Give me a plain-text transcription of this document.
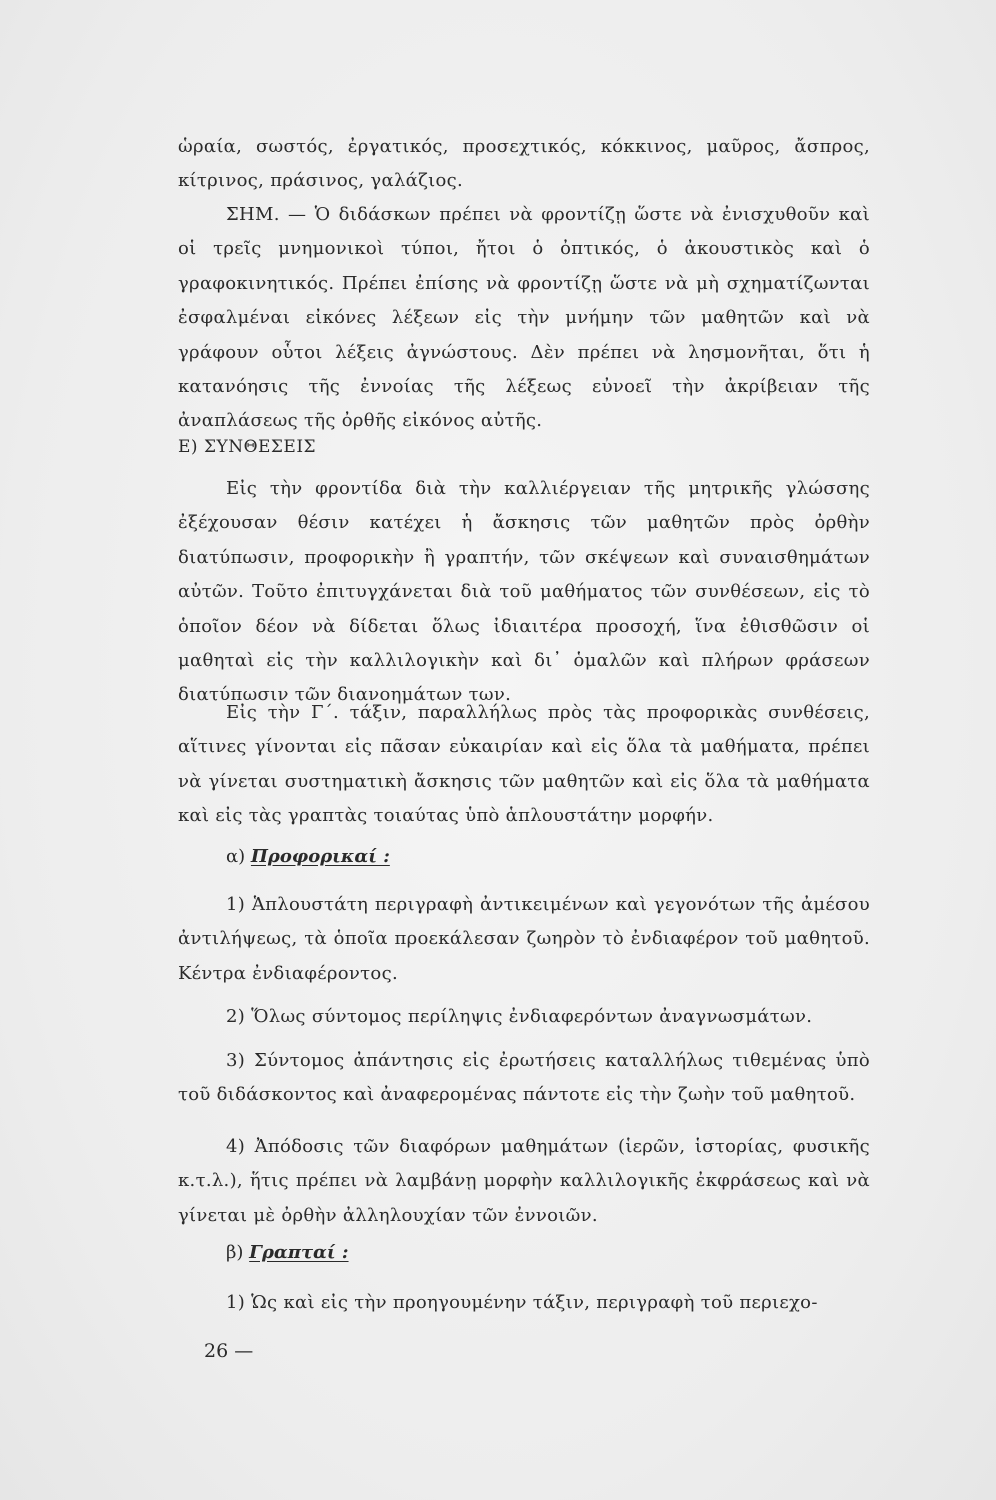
ὡραία, σωστός, ἐργατικός, προσεχτικός, κόκκινος, μαῦρος, ἄσπρος, κίτρινος, πράσινος, γαλάζιος.

ΣΗΜ. — Ὁ διδάσκων πρέπει νὰ φροντίζῃ ὥστε νὰ ἐνισχυθοῦν καὶ οἱ τρεῖς μνημονικοὶ τύποι, ἤτοι ὁ ὀπτικός, ὁ ἀκουστικὸς καὶ ὁ γραφοκινητικός. Πρέπει ἐπίσης νὰ φροντίζῃ ὥστε νὰ μὴ σχηματίζωνται ἐσφαλμέναι εἰκόνες λέξεων εἰς τὴν μνήμην τῶν μαθητῶν καὶ νὰ γράφουν οὗτοι λέξεις ἀγνώστους. Δὲν πρέπει νὰ λησμονῆται, ὅτι ἡ κατανόησις τῆς ἐννοίας τῆς λέξεως εὐνοεῖ τὴν ἀκρίβειαν τῆς ἀναπλάσεως τῆς ὀρθῆς εἰκόνος αὐτῆς.

Ε) ΣΥΝΘΕΣΕΙΣ

Εἰς τὴν φροντίδα διὰ τὴν καλλιέργειαν τῆς μητρικῆς γλώσσης ἐξέχουσαν θέσιν κατέχει ἡ ἄσκησις τῶν μαθητῶν πρὸς ὀρθὴν διατύπωσιν, προφορικὴν ἢ γραπτήν, τῶν σκέψεων καὶ συναισθημάτων αὐτῶν. Τοῦτο ἐπιτυγχάνεται διὰ τοῦ μαθήματος τῶν συνθέσεων, εἰς τὸ ὁποῖον δέον νὰ δίδεται ὅλως ἰδιαιτέρα προσοχή, ἵνα ἐθισθῶσιν οἱ μαθηταὶ εἰς τὴν καλλιλογικὴν καὶ δι᾽ ὁμαλῶν καὶ πλήρων φράσεων διατύπωσιν τῶν διανοημάτων των.

Εἰς τὴν Γ΄. τάξιν, παραλλήλως πρὸς τὰς προφορικὰς συνθέσεις, αἵτινες γίνονται εἰς πᾶσαν εὐκαιρίαν καὶ εἰς ὅλα τὰ μαθήματα, πρέπει νὰ γίνεται συστηματικὴ ἄσκησις τῶν μαθητῶν καὶ εἰς ὅλα τὰ μαθήματα καὶ εἰς τὰς γραπτὰς τοιαύτας ὑπὸ ἁπλουστάτην μορφήν.

α) Προφορικαί :

1) Ἁπλουστάτη περιγραφὴ ἀντικειμένων καὶ γεγονότων τῆς ἀμέσου ἀντιλήψεως, τὰ ὁποῖα προεκάλεσαν ζωηρὸν τὸ ἐνδιαφέρον τοῦ μαθητοῦ. Κέντρα ἐνδιαφέροντος.

2) Ὅλως σύντομος περίληψις ἐνδιαφερόντων ἀναγνωσμάτων.

3) Σύντομος ἀπάντησις εἰς ἐρωτήσεις καταλλήλως τιθεμένας ὑπὸ τοῦ διδάσκοντος καὶ ἀναφερομένας πάντοτε εἰς τὴν ζωὴν τοῦ μαθητοῦ.

4) Ἀπόδοσις τῶν διαφόρων μαθημάτων (ἱερῶν, ἱστορίας, φυσικῆς κ.τ.λ.), ἥτις πρέπει νὰ λαμβάνῃ μορφὴν καλλιλογικῆς ἐκφράσεως καὶ νὰ γίνεται μὲ ὀρθὴν ἀλληλουχίαν τῶν ἐννοιῶν.

β) Γραπταί :

1) Ὡς καὶ εἰς τὴν προηγουμένην τάξιν, περιγραφὴ τοῦ περιεχο-

26 —
